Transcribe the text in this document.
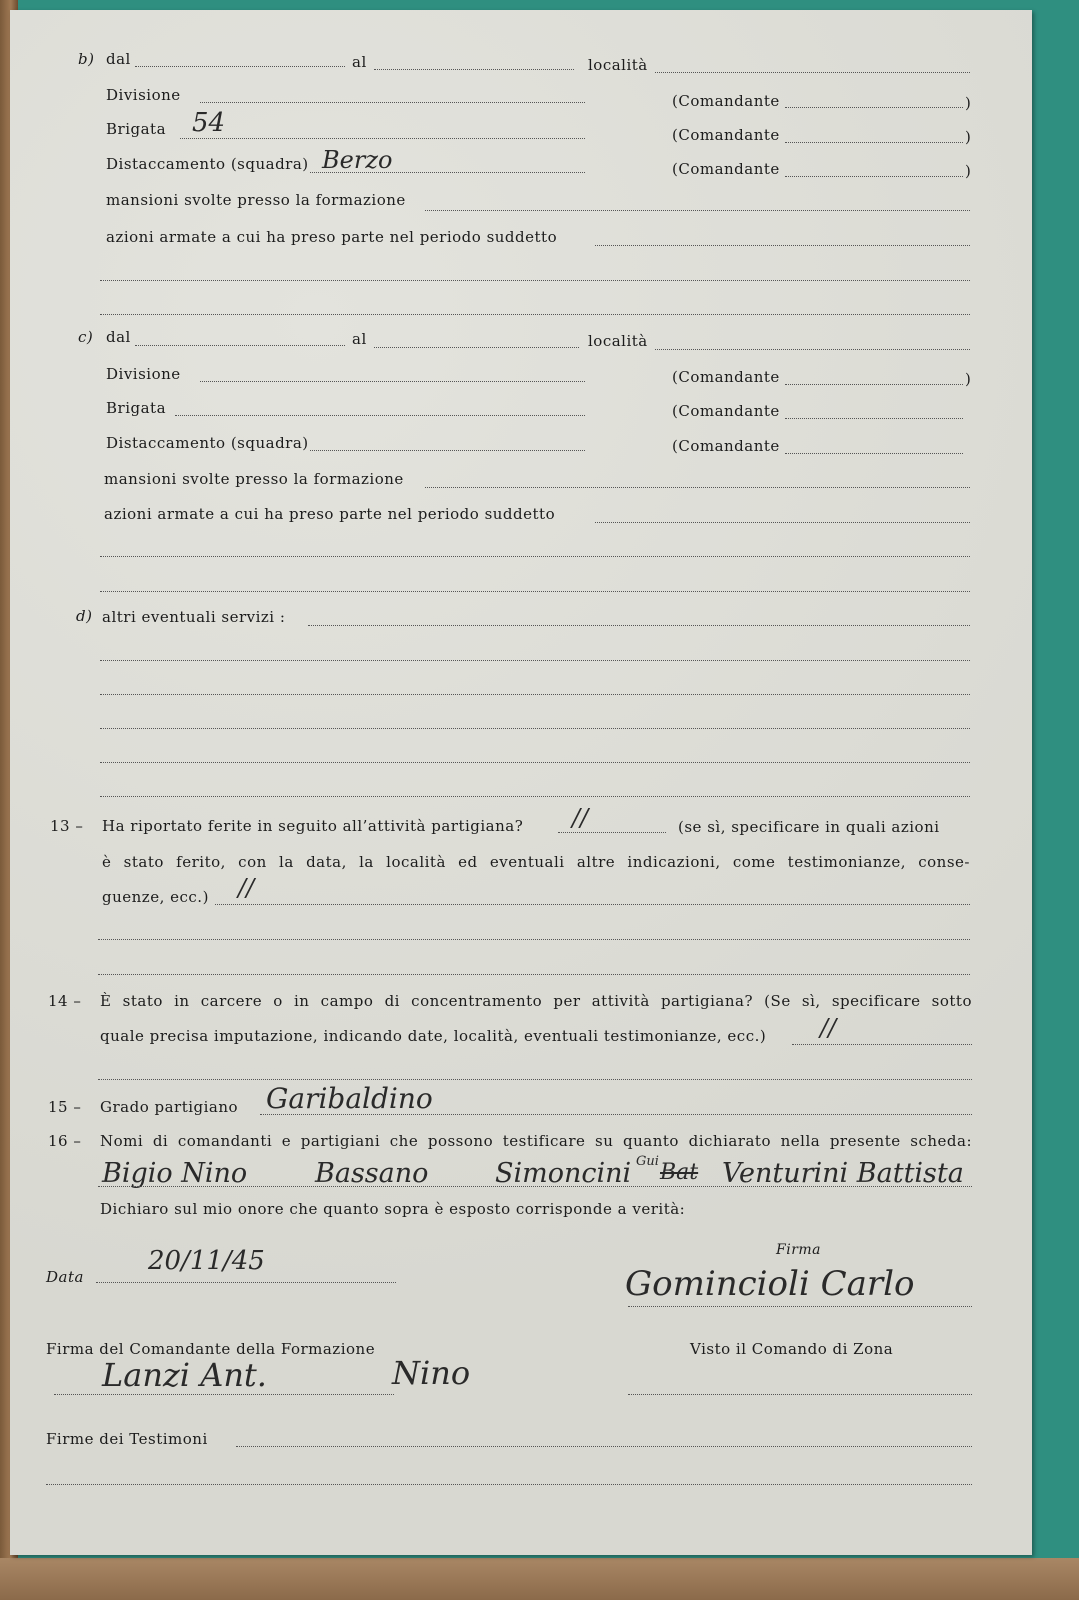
b) dal	al	località
Divisione	(Comandante	)
Brigata 54	(Comandante	)
Distaccamento (squadra) Berzo	(Comandante	)
mansioni svolte presso la formazione
azioni armate a cui ha preso parte nel periodo suddetto
c) dal	al	località
Divisione	(Comandante	)
Brigata	(Comandante
Distaccamento (squadra)	(Comandante
mansioni svolte presso la formazione
azioni armate a cui ha preso parte nel periodo suddetto
d) altri eventuali servizi :
13 – Ha riportato ferite in seguito all’attività partigiana? //	(se sì, specificare in quali azioni
è stato ferito, con la data, la località ed eventuali altre indicazioni, come testimonianze, conse-
guenze, ecc.) //
14 – È stato in carcere o in campo di concentramento per attività partigiana? (Se sì, specificare sotto
quale precisa imputazione, indicando date, località, eventuali testimonianze, ecc.) //
15 – Grado partigiano Garibaldino
16 – Nomi di comandanti e partigiani che possono testificare su quanto dichiarato nella presente scheda:
Bigio Nino	Bassano Simoncini Gui Bat Venturini Battista
Dichiaro sul mio onore che quanto sopra è esposto corrisponde a verità:
Data
20/11/45	Firma
Gomincioli Carlo
Firma del Comandante della Formazione
Lanzi Ant.	Nino
Visto il Comando di Zona
Firme dei Testimoni
